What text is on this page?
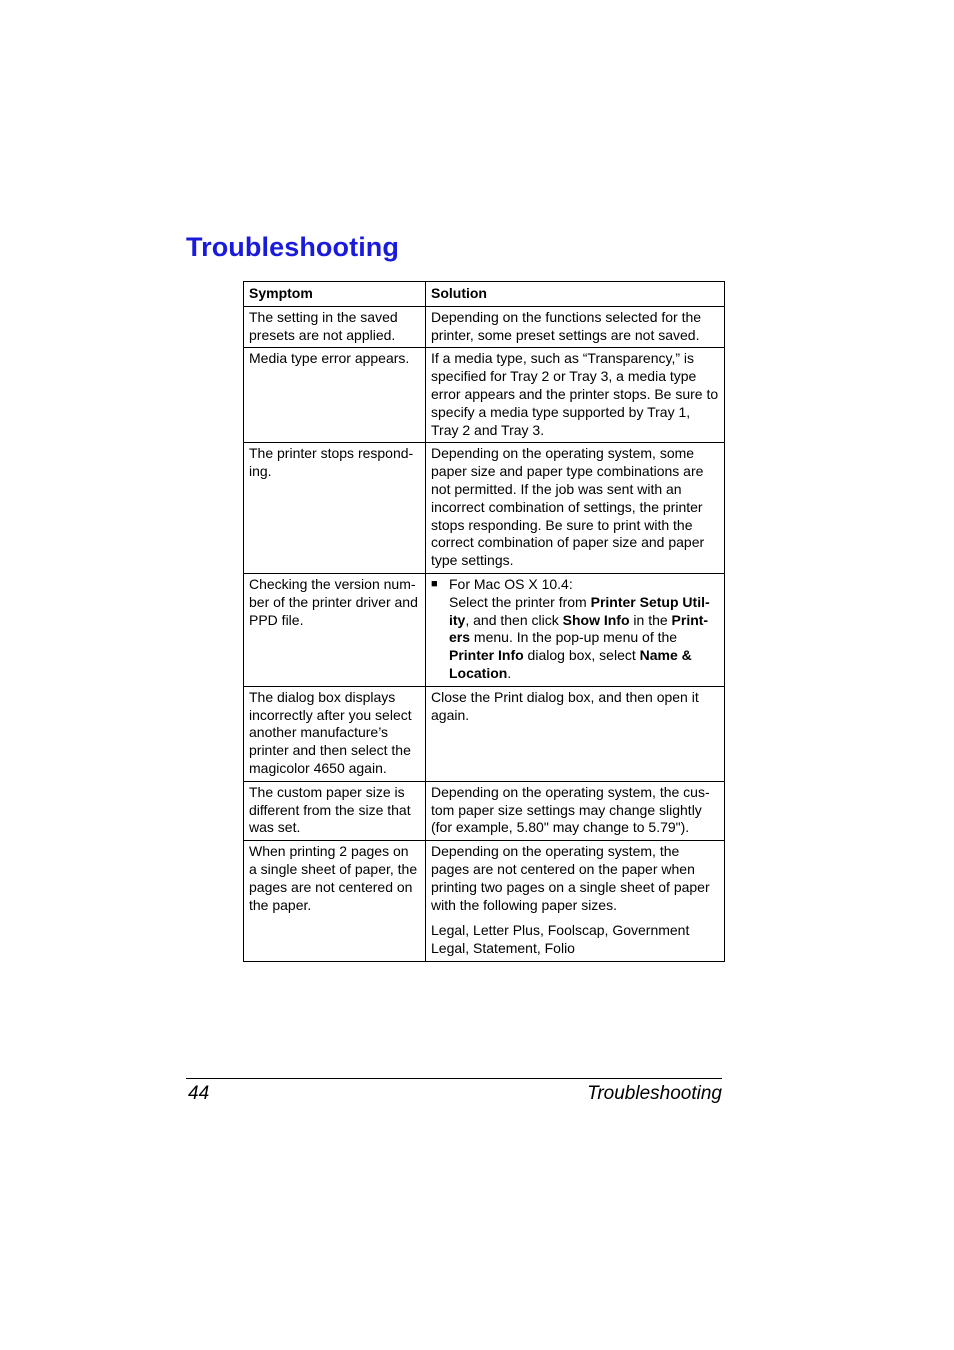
Troubleshooting
Symptom	Solution
The setting in the saved presets are not applied.	Depending on the functions selected for the printer, some preset settings are not saved.
Media type error appears.	If a media type, such as “Transparency,” is specified for Tray 2 or Tray 3, a media type error appears and the printer stops. Be sure to specify a media type supported by Tray 1, Tray 2 and Tray 3.
The printer stops respond-ing.	Depending on the operating system, some paper size and paper type combinations are not permitted. If the job was sent with an incorrect combination of settings, the printer stops responding. Be sure to print with the correct combination of paper size and paper type settings.
Checking the version num-ber of the printer driver and PPD file.	■ For Mac OS X 10.4:
Select the printer from Printer Setup Util-ity, and then click Show Info in the Print-ers menu. In the pop-up menu of the Printer Info dialog box, select Name & Location.

The dialog box displays incorrectly after you select another manufacture’s printer and then select the magicolor 4650 again.	Close the Print dialog box, and then open it again.
The custom paper size is different from the size that was set.	Depending on the operating system, the cus-tom paper size settings may change slightly (for example, 5.80" may change to 5.79").
When printing 2 pages on a single sheet of paper, the pages are not centered on the paper.	Depending on the operating system, the pages are not centered on the paper when printing two pages on a single sheet of paper with the following paper sizes.
Legal, Letter Plus, Foolscap, Government Legal, Statement, Folio
44	Troubleshooting
